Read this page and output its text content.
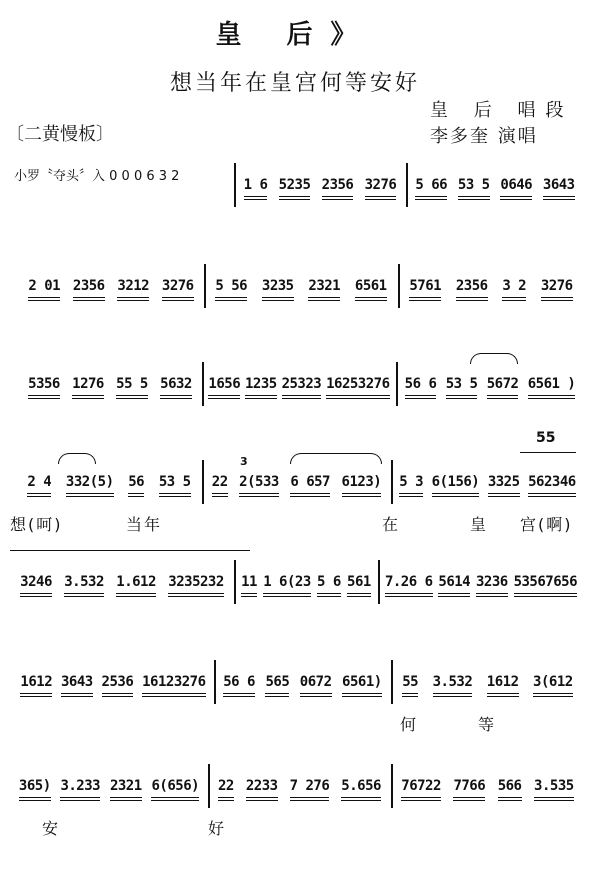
皇 后》
想当年在皇宫何等安好
皇 后 唱段
李多奎 演唱
〔二黄慢板〕
小罗〝夺头〞入 0 0 0 6 3 2
1 6 5235 2356 3276 5 66 53 5 0646 3643
2 01 2356 3212 3276 5 56 3235 2321 6561 5761 2356 3 2 3276
5356 1276 55 5 5632 1656 1235 25323 16253276 56 6 53 5 5672 6561 )
2 4 332(5) 56 53 5 22 2(533 6 657 6123) 5 3 6(156) 3325 562346
想(呵)	当年	在	皇 宫(啊)
3246 3.532 1.612 3235232 11 1 6(23 5 6 561 7.26 6 5614 3236 53567656
1612 3643 2536 16123276 56 6 565 0672 6561) 55 3.532 1612 3(612
何	等
365) 3.233 2321 6(656) 22 2233 7 276 5.656 76722 7766 566 3.535
安	好
3
55
